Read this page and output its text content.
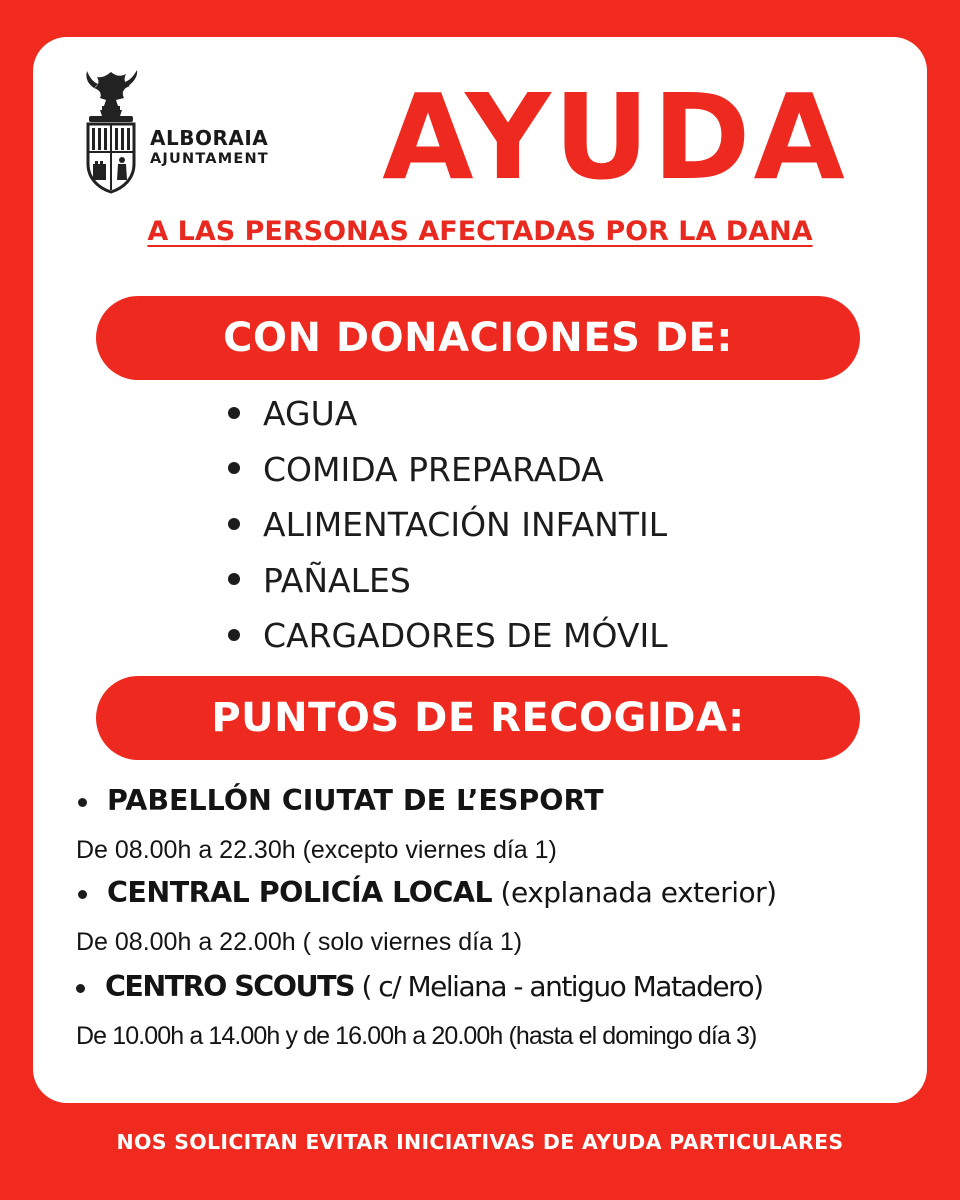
ALBORAIA
AJUNTAMENT AYUDA
A LAS PERSONAS AFECTADAS POR LA DANA
CON DONACIONES DE:
AGUA
COMIDA PREPARADA
ALIMENTACIÓN INFANTIL
PAÑALES
CARGADORES DE MÓVIL
PUNTOS DE RECOGIDA:
PABELLÓN CIUTAT DE L’ESPORT
De 08.00h a 22.30h (excepto viernes día 1)
CENTRAL POLICÍA LOCAL (explanada exterior)
De 08.00h a 22.00h ( solo viernes día 1)
CENTRO SCOUTS ( c/ Meliana - antiguo Matadero)
De 10.00h a 14.00h y de 16.00h a 20.00h (hasta el domingo día 3)
NOS SOLICITAN EVITAR INICIATIVAS DE AYUDA PARTICULARES
